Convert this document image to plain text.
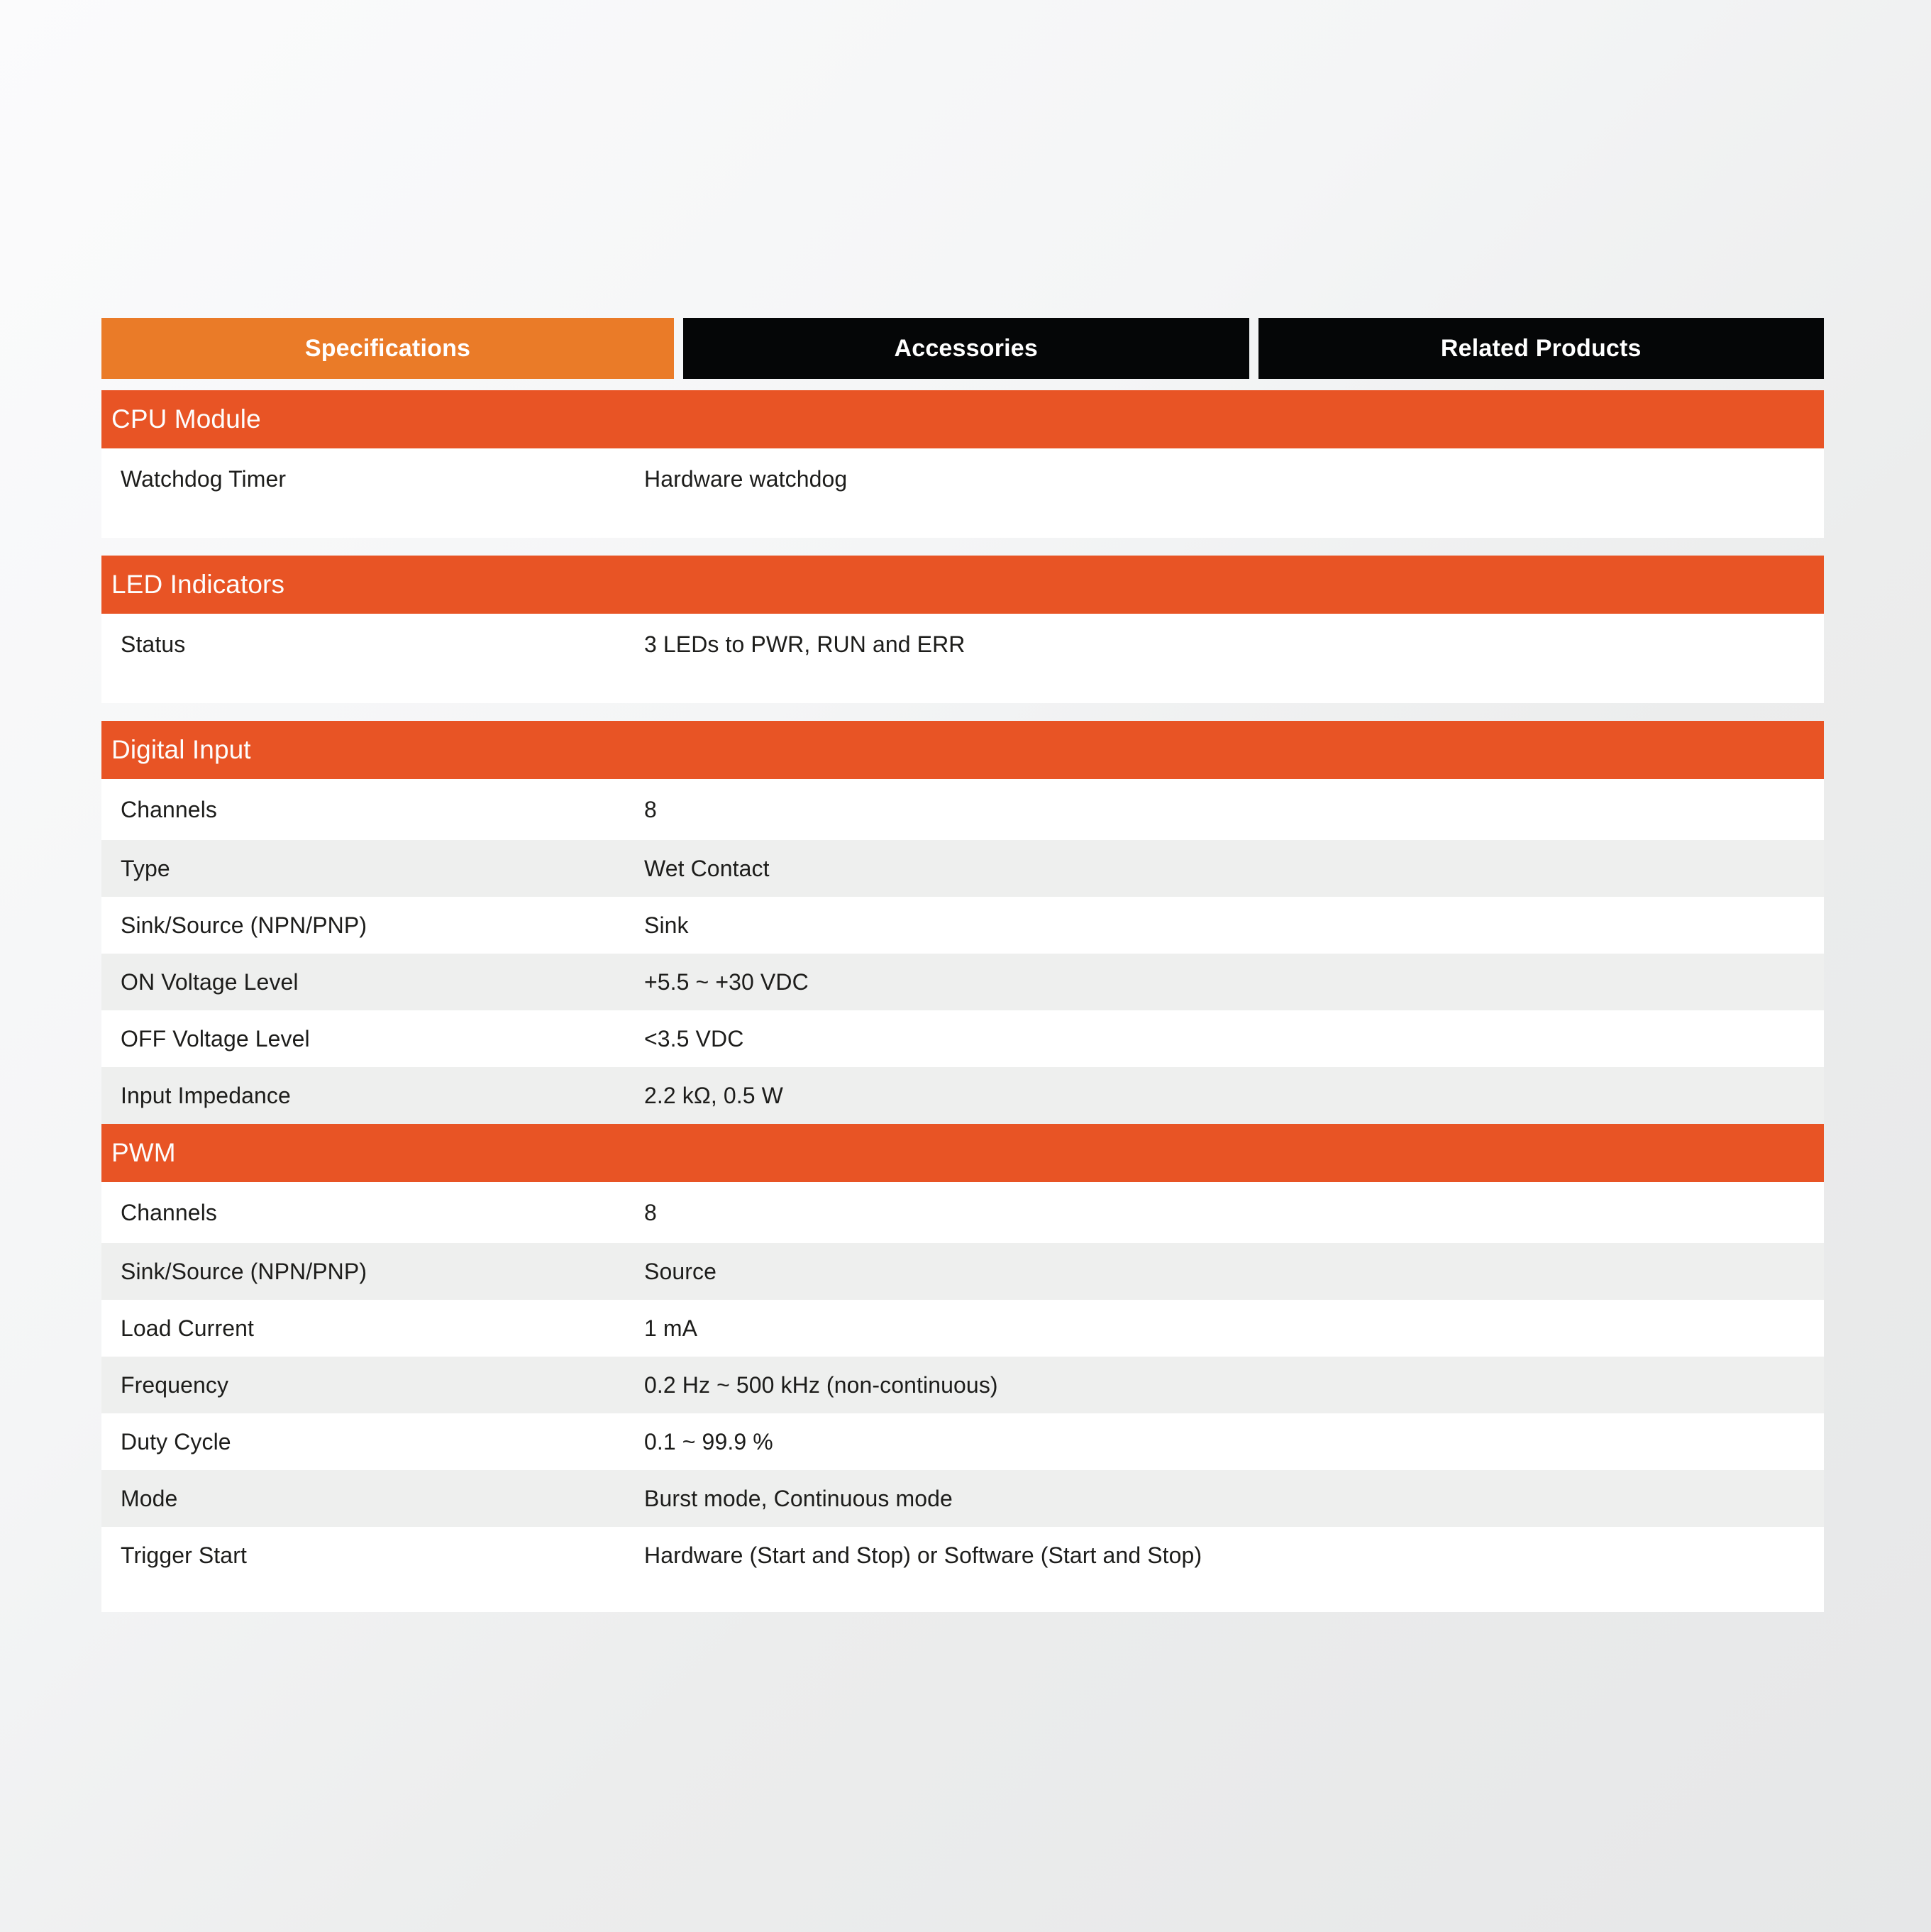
Specifications	Accessories	Related Products
CPU Module
Watchdog Timer	Hardware watchdog
LED Indicators
Status	3 LEDs to PWR, RUN and ERR
Digital Input
Channels	8
Type	Wet Contact
Sink/Source (NPN/PNP)	Sink
ON Voltage Level	+5.5 ~ +30 VDC
OFF Voltage Level	<3.5 VDC
Input Impedance	2.2 kΩ, 0.5 W
PWM
Channels	8
Sink/Source (NPN/PNP)	Source
Load Current	1 mA
Frequency	0.2 Hz ~ 500 kHz (non-continuous)
Duty Cycle	0.1 ~ 99.9 %
Mode	Burst mode, Continuous mode
Trigger Start	Hardware (Start and Stop) or Software (Start and Stop)
